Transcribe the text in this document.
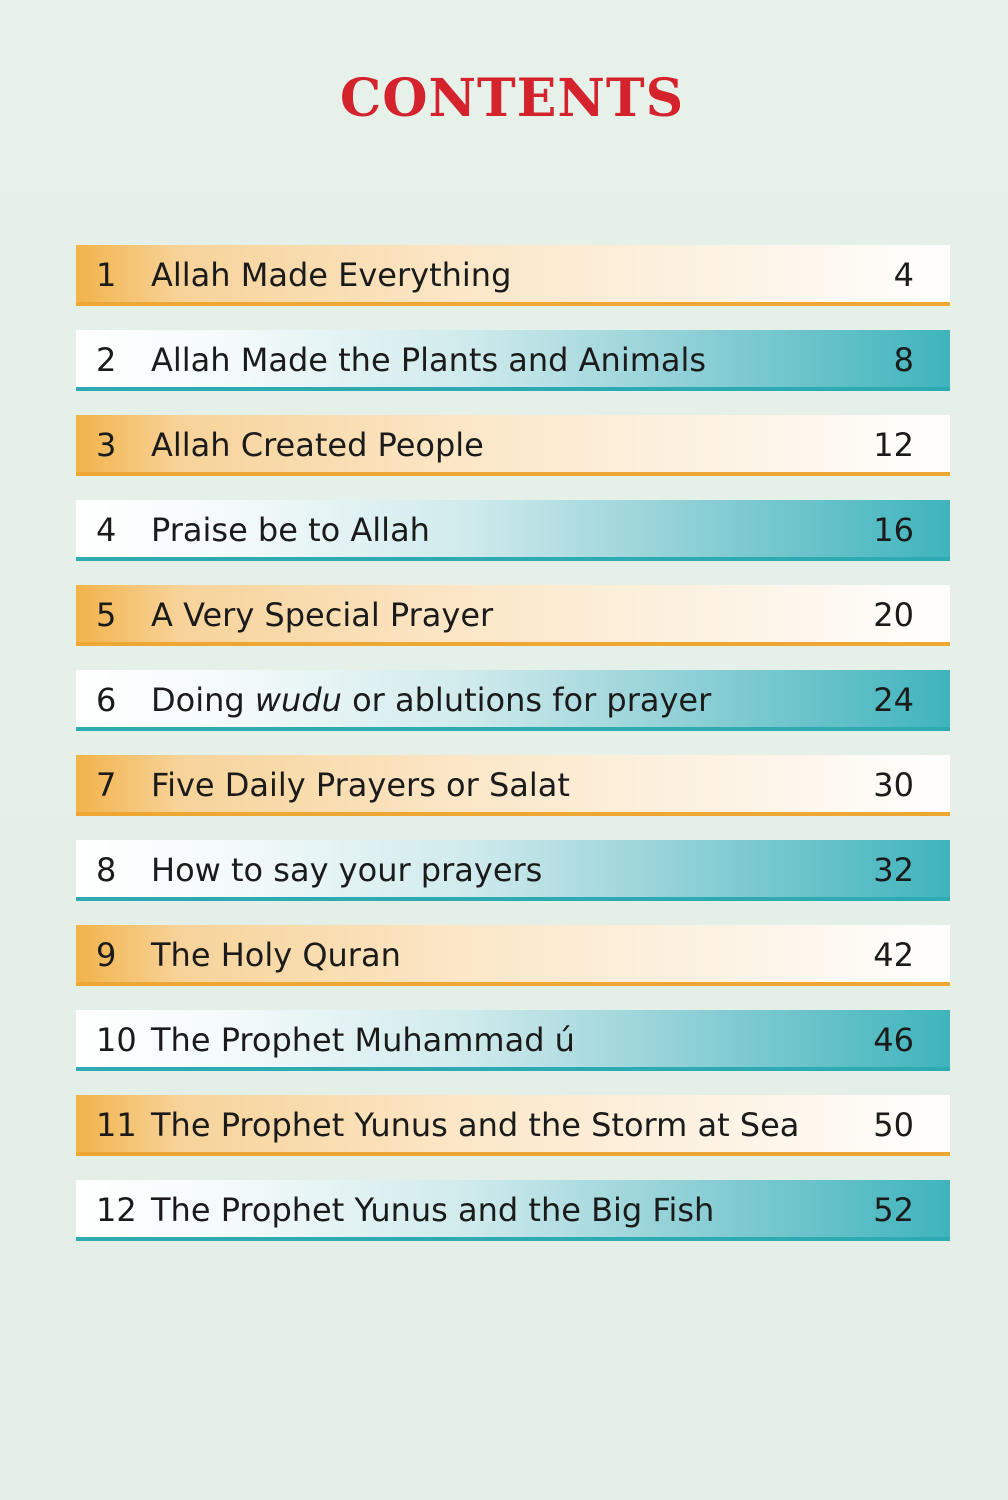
CONTENTS
1 Allah Made Everything	4
2 Allah Made the Plants and Animals	8
3 Allah Created People	12
4 Praise be to Allah	16
5 A Very Special Prayer	20
6 Doing wudu or ablutions for prayer	24
7 Five Daily Prayers or Salat	30
8 How to say your prayers	32
9 The Holy Quran	42
10 The Prophet Muhammad ú	46
11 The Prophet Yunus and the Storm at Sea 50
12 The Prophet Yunus and the Big Fish	52
